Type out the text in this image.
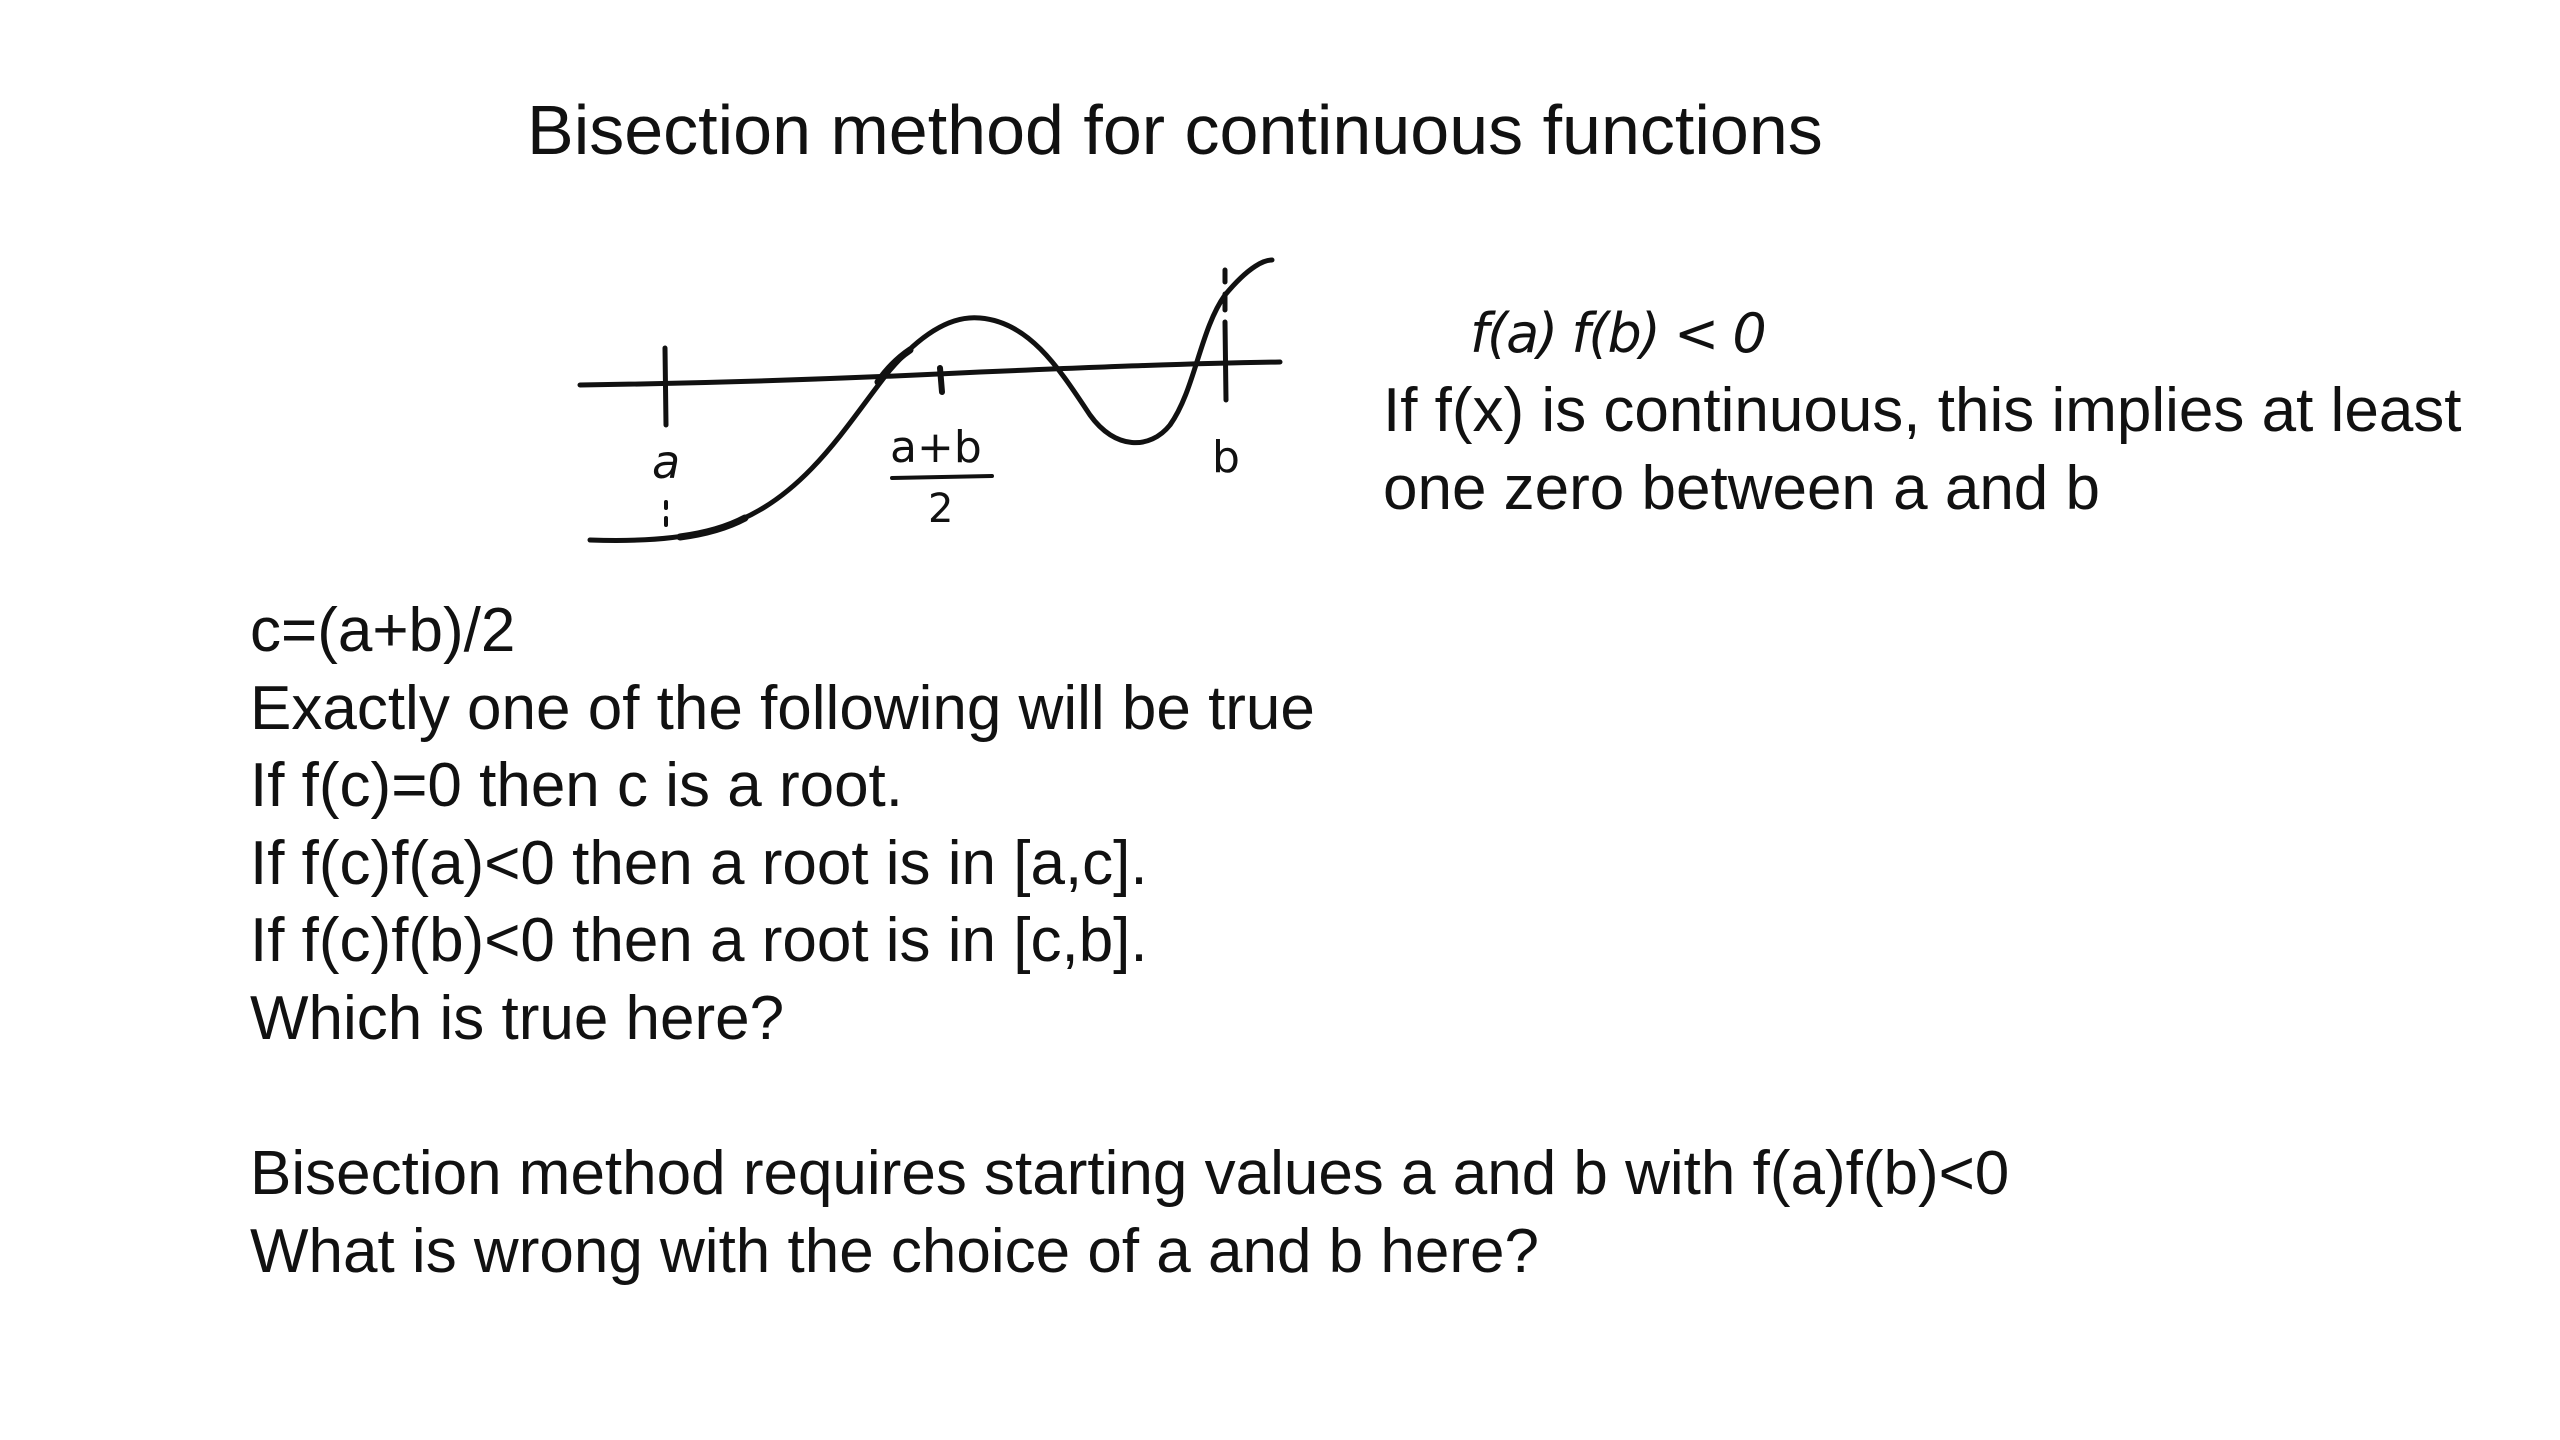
Bisection method for continuous functions
a	a+b
2
b
f(a) f(b) < 0
If f(x) is continuous, this implies at least
one zero between a and b
c=(a+b)/2
Exactly one of the following will be true
If f(c)=0 then c is a root.
If f(c)f(a)<0 then a root is in [a,c].
If f(c)f(b)<0 then a root is in [c,b].
Which is true here?
Bisection method requires starting values a and b with f(a)f(b)<0
What is wrong with the choice of a and b here?
